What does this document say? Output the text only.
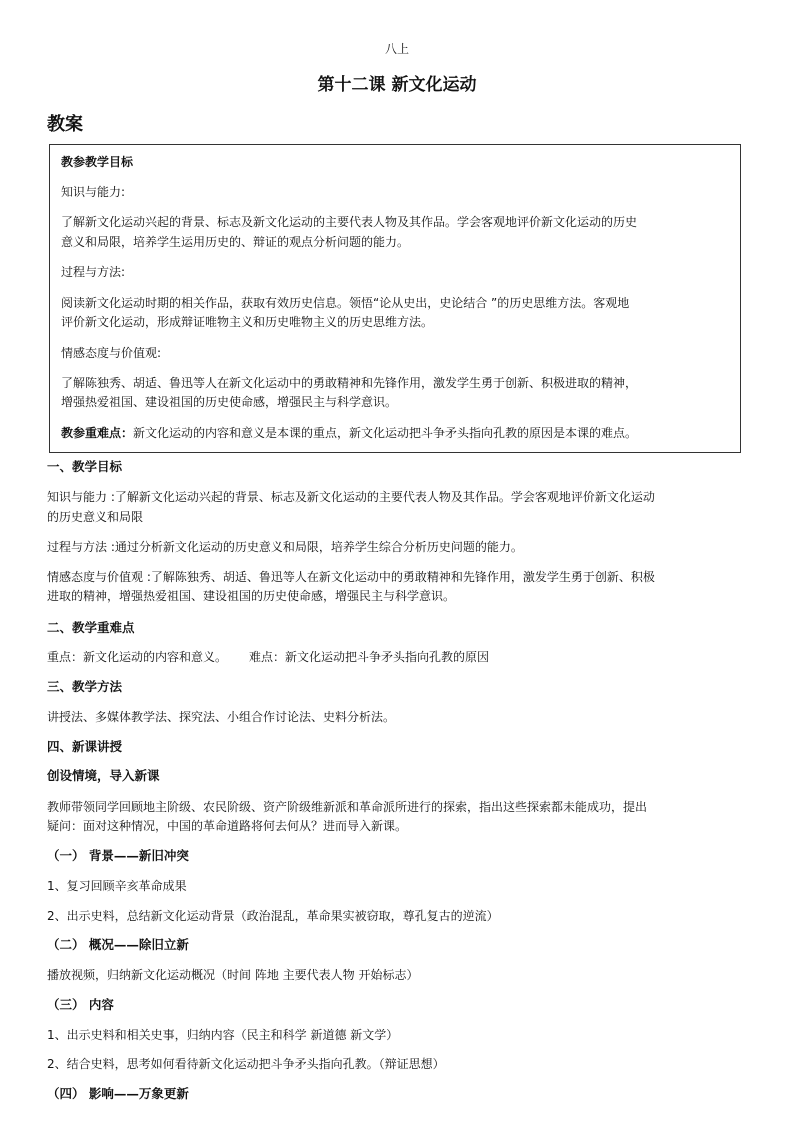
八上
第十二课 新文化运动
教案
教参教学目标
知识与能力:
了解新文化运动兴起的背景、标志及新文化运动的主要代表人物及其作品。学会客观地评价新文化运动的历史
意义和局限，培养学生运用历史的、辩证的观点分析问题的能力。
过程与方法:
阅读新文化运动时期的相关作品，获取有效历史信息。领悟“论从史出，史论结合 ”的历史思维方法。客观地
评价新文化运动，形成辩证唯物主义和历史唯物主义的历史思维方法。
情感态度与价值观:
了解陈独秀、胡适、鲁迅等人在新文化运动中的勇敢精神和先锋作用，激发学生勇于创新、积极进取的精神，
增强热爱祖国、建设祖国的历史使命感，增强民主与科学意识。
教参重难点：新文化运动的内容和意义是本课的重点，新文化运动把斗争矛头指向孔教的原因是本课的难点。
一、教学目标
知识与能力 :了解新文化运动兴起的背景、标志及新文化运动的主要代表人物及其作品。学会客观地评价新文化运动
的历史意义和局限
过程与方法 :通过分析新文化运动的历史意义和局限，培养学生综合分析历史问题的能力。
情感态度与价值观 :了解陈独秀、胡适、鲁迅等人在新文化运动中的勇敢精神和先锋作用，激发学生勇于创新、积极
进取的精神，增强热爱祖国、建设祖国的历史使命感，增强民主与科学意识。
二、教学重难点
重点：新文化运动的内容和意义。 难点：新文化运动把斗争矛头指向孔教的原因
三、教学方法
讲授法、多媒体教学法、探究法、小组合作讨论法、史料分析法。
四、新课讲授
创设情境，导入新课
教师带领同学回顾地主阶级、农民阶级、资产阶级维新派和革命派所进行的探索，指出这些探索都未能成功，提出
疑问：面对这种情况，中国的革命道路将何去何从？进而导入新课。
（一） 背景——新旧冲突
1、复习回顾辛亥革命成果
2、出示史料，总结新文化运动背景（政治混乱，革命果实被窃取，尊孔复古的逆流）
（二） 概况——除旧立新
播放视频，归纳新文化运动概况（时间 阵地 主要代表人物 开始标志）
（三） 内容
1、出示史料和相关史事，归纳内容（民主和科学 新道德 新文学）
2、结合史料，思考如何看待新文化运动把斗争矛头指向孔教。（辩证思想）
（四） 影响——万象更新
